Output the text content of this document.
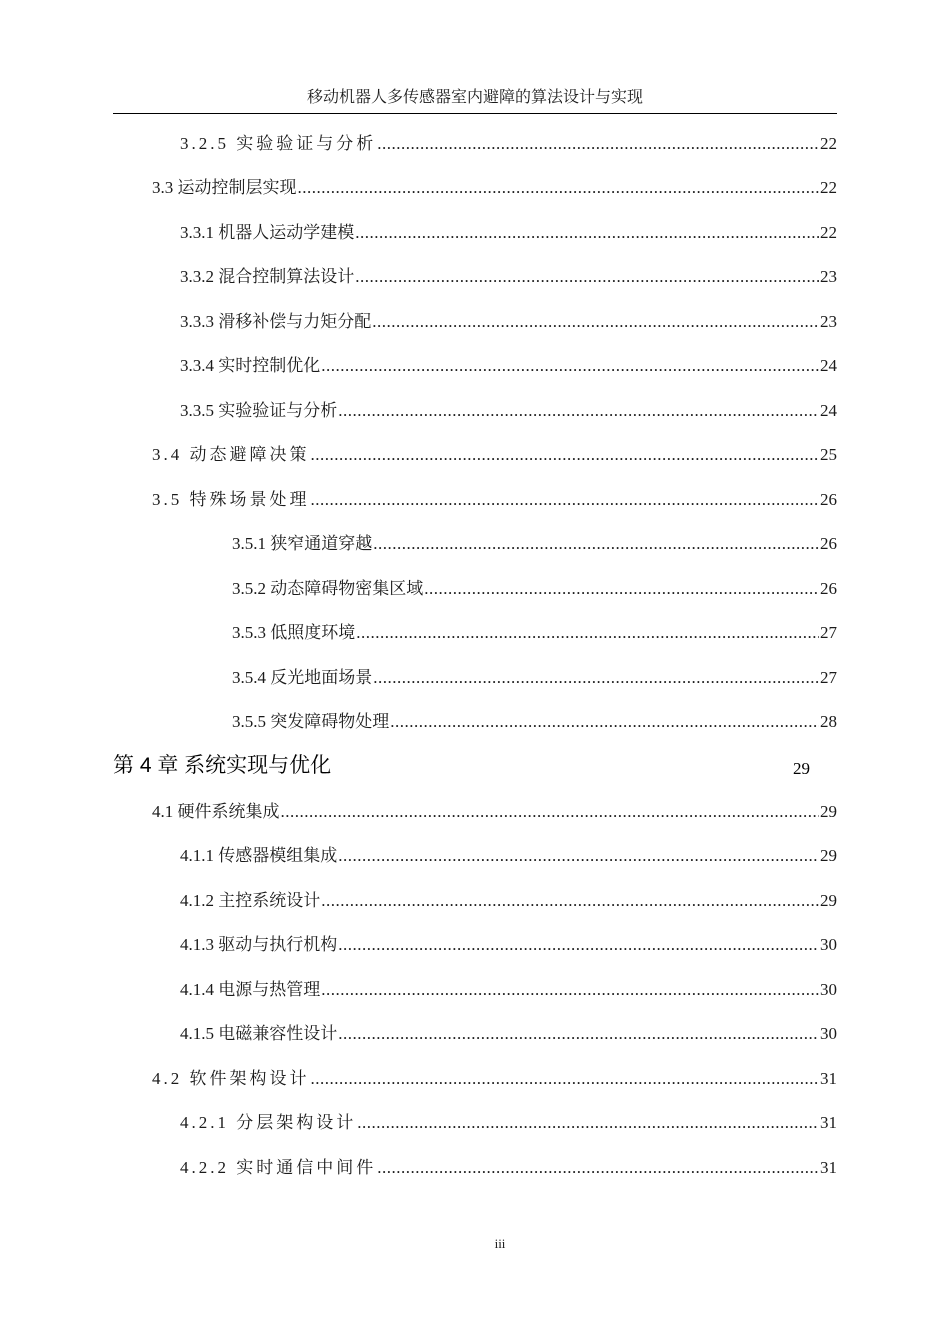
移动机器人多传感器室内避障的算法设计与实现
3.2.5 实验验证与分析 .....	22
3.3 运动控制层实现 .....	22
3.3.1 机器人运动学建模 .....	22
3.3.2 混合控制算法设计 .....	23
3.3.3 滑移补偿与力矩分配 .....	23
3.3.4 实时控制优化 .....	24
3.3.5 实验验证与分析 .....	24
3.4 动态避障决策 .....	25
3.5 特殊场景处理 .....	26
3.5.1 狭窄通道穿越 .....	26
3.5.2 动态障碍物密集区域 .....	26
3.5.3 低照度环境 .....	27
3.5.4 反光地面场景 .....	27
3.5.5 突发障碍物处理 .....	28
第 4 章 系统实现与优化	29
4.1 硬件系统集成 .....	29
4.1.1 传感器模组集成 .....	29
4.1.2 主控系统设计 .....	29
4.1.3 驱动与执行机构 .....	30
4.1.4 电源与热管理 .....	30
4.1.5 电磁兼容性设计 .....	30
4.2 软件架构设计 .....	31
4.2.1 分层架构设计 .....	31
4.2.2 实时通信中间件 .....	31
iii
